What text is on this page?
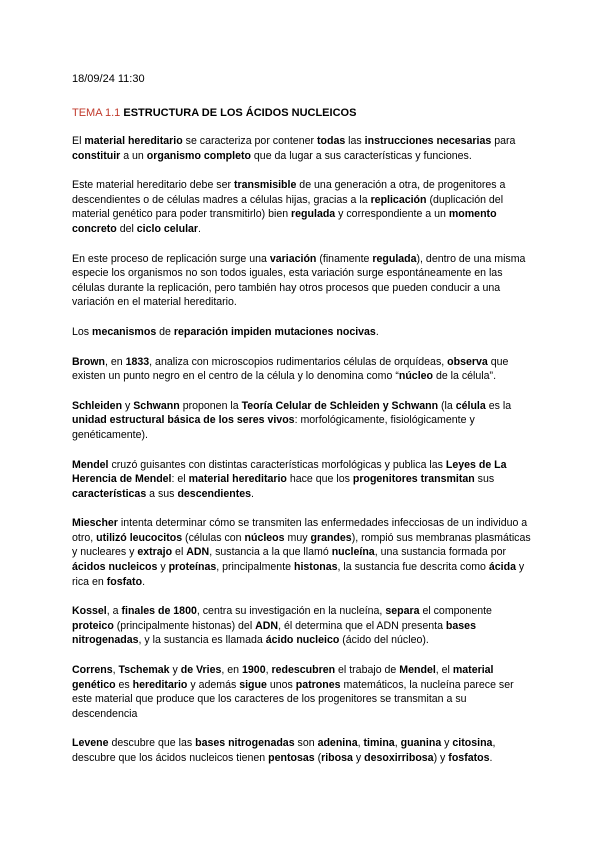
18/09/24 11:30
TEMA 1.1 ESTRUCTURA DE LOS ÁCIDOS NUCLEICOS

El material hereditario se caracteriza por contener todas las instrucciones necesarias para constituir a un organismo completo que da lugar a sus características y funciones.

Este material hereditario debe ser transmisible de una generación a otra, de progenitores a descendientes o de células madres a células hijas, gracias a la replicación (duplicación del material genético para poder transmitirlo) bien regulada y correspondiente a un momento concreto del ciclo celular.

En este proceso de replicación surge una variación (finamente regulada), dentro de una misma especie los organismos no son todos iguales, esta variación surge espontáneamente en las células durante la replicación, pero también hay otros procesos que pueden conducir a una variación en el material hereditario.

Los mecanismos de reparación impiden mutaciones nocivas.

Brown, en 1833, analiza con microscopios rudimentarios células de orquídeas, observa que existen un punto negro en el centro de la célula y lo denomina como “núcleo de la célula”.

Schleiden y Schwann proponen la Teoría Celular de Schleiden y Schwann (la célula es la unidad estructural básica de los seres vivos: morfológicamente, fisiológicamente y genéticamente).

Mendel cruzó guisantes con distintas características morfológicas y publica las Leyes de La Herencia de Mendel: el material hereditario hace que los progenitores transmitan sus características a sus descendientes.

Miescher intenta determinar cómo se transmiten las enfermedades infecciosas de un individuo a otro, utilizó leucocitos (células con núcleos muy grandes), rompió sus membranas plasmáticas y nucleares y extrajo el ADN, sustancia a la que llamó nucleína, una sustancia formada por ácidos nucleicos y proteínas, principalmente histonas, la sustancia fue descrita como ácida y rica en fosfato.

Kossel, a finales de 1800, centra su investigación en la nucleína, separa el componente proteico (principalmente histonas) del ADN, él determina que el ADN presenta bases nitrogenadas, y la sustancia es llamada ácido nucleico (ácido del núcleo).

Correns, Tschemak y de Vries, en 1900, redescubren el trabajo de Mendel, el material genético es hereditario y además sigue unos patrones matemáticos, la nucleína parece ser este material que produce que los caracteres de los progenitores se transmitan a su descendencia

Levene descubre que las bases nitrogenadas son adenina, timina, guanina y citosina, descubre que los ácidos nucleicos tienen pentosas (ribosa y desoxirribosa) y fosfatos.
